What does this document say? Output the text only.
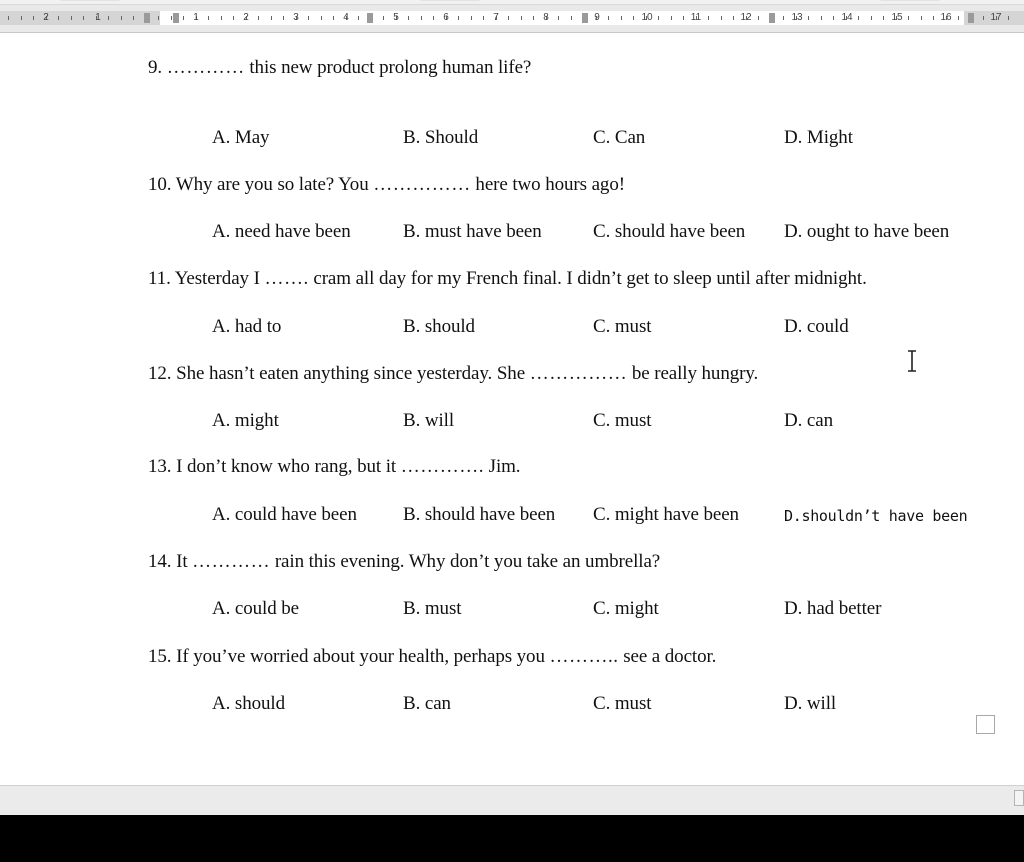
2	1	1	2	3	4	5	6	7	8	9	10	11	12	13	14	15	16	17
9. ………… this new product prolong human life?
A. May	B. Should	C. Can	D. Might
10. Why are you so late? You …………… here two hours ago!
A. need have been	B. must have been	C. should have been D. ought to have been
11. Yesterday I ……. cram all day for my French final. I didn’t get to sleep until after midnight.
A. had to	B. should	C. must	D. could
12. She hasn’t eaten anything since yesterday. She …………… be really hungry.
A. might	B. will	C. must	D. can
13. I don’t know who rang, but it …………. Jim.
A. could have been B. should have been C. might have been	D.shouldn’t have been
14. It ………… rain this evening. Why don’t you take an umbrella?
A. could be	B. must	C. might	D. had better
15. If you’ve worried about your health, perhaps you ……….. see a doctor.
A. should	B. can	C. must	D. will
